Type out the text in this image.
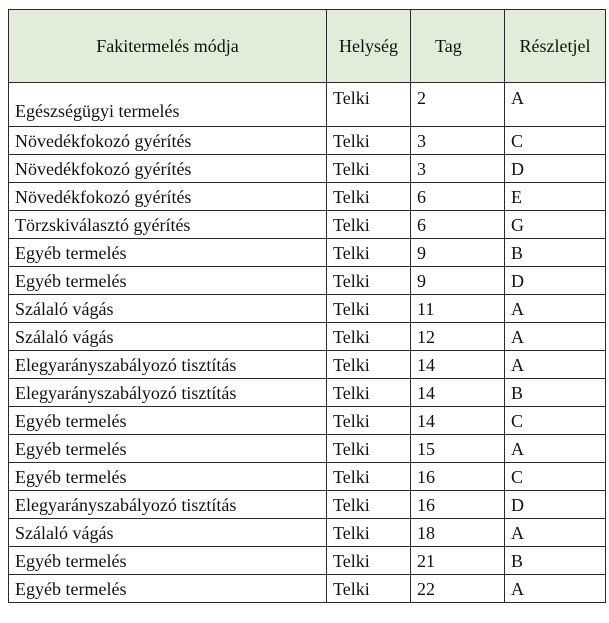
Fakitermelés módja	Helység	Tag	Részletjel
Egészségügyi termelés	Telki	2	A
Növedékfokozó gyérítés	Telki	3	C
Növedékfokozó gyérítés	Telki	3	D
Növedékfokozó gyérítés	Telki	6	E
Törzskiválasztó gyérítés	Telki	6	G
Egyéb termelés	Telki	9	B
Egyéb termelés	Telki	9	D
Szálaló vágás	Telki	11	A
Szálaló vágás	Telki	12	A
Elegyarányszabályozó tisztítás	Telki	14	A
Elegyarányszabályozó tisztítás	Telki	14	B
Egyéb termelés	Telki	14	C
Egyéb termelés	Telki	15	A
Egyéb termelés	Telki	16	C
Elegyarányszabályozó tisztítás	Telki	16	D
Szálaló vágás	Telki	18	A
Egyéb termelés	Telki	21	B
Egyéb termelés	Telki	22	A
